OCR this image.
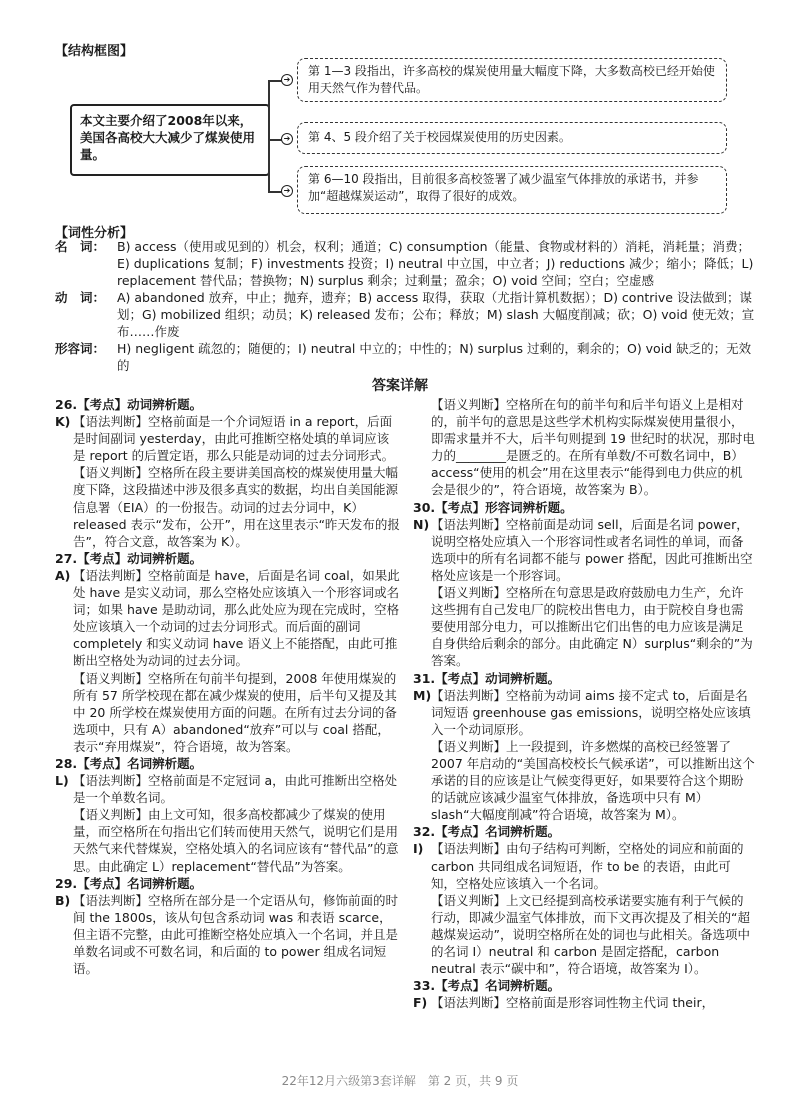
【结构框图】
本文主要介绍了2008年以来，美国各高校大大减少了煤炭使用量。
➔
➔
➔
第 1—3 段指出，许多高校的煤炭使用量大幅度下降，大多数高校已经开始使用天然气作为替代品。
第 4、5 段介绍了关于校园煤炭使用的历史因素。
第 6—10 段指出，目前很多高校签署了减少温室气体排放的承诺书，并参加“超越煤炭运动”，取得了很好的成效。
【词性分析】
名　词： B) access（使用或见到的）机会，权利；通道；C) consumption（能量、食物或材料的）消耗，消耗量；消费；E) duplications 复制；F) investments 投资；I) neutral 中立国，中立者；J) reductions 减少；缩小；降低；L) replacement 替代品；替换物；N) surplus 剩余；过剩量；盈余；O) void 空间；空白；空虚感
动　词： A) abandoned 放弃，中止；抛弃，遗弃；B) access 取得，获取（尤指计算机数据）；D) contrive 设法做到；谋划；G) mobilized 组织；动员；K) released 发布；公布；释放；M) slash 大幅度削减；砍；O) void 使无效；宣布……作废
形容词： H) negligent 疏忽的；随便的；I) neutral 中立的；中性的；N) surplus 过剩的，剩余的；O) void 缺乏的；无效的
答案详解

26.【考点】动词辨析题。

K) 【语法判断】空格前面是一个介词短语 in a report，后面是时间副词 yesterday，由此可推断空格处填的单词应该是 report 的后置定语，那么只能是动词的过去分词形式。

【语义判断】空格所在段主要讲美国高校的煤炭使用量大幅度下降，这段描述中涉及很多真实的数据，均出自美国能源信息署（EIA）的一份报告。动词的过去分词中，K）released 表示“发布，公开”，用在这里表示“昨天发布的报告”，符合文意，故答案为 K）。

27.【考点】动词辨析题。

A) 【语法判断】空格前面是 have，后面是名词 coal，如果此处 have 是实义动词，那么空格处应该填入一个形容词或名词；如果 have 是助动词，那么此处应为现在完成时，空格处应该填入一个动词的过去分词形式。而后面的副词 completely 和实义动词 have 语义上不能搭配，由此可推断出空格处为动词的过去分词。

【语义判断】空格所在句前半句提到，2008 年使用煤炭的所有 57 所学校现在都在减少煤炭的使用，后半句又提及其中 20 所学校在煤炭使用方面的问题。在所有过去分词的备选项中，只有 A）abandoned“放弃”可以与 coal 搭配，表示“弃用煤炭”，符合语境，故为答案。

28.【考点】名词辨析题。

L) 【语法判断】空格前面是不定冠词 a，由此可推断出空格处是一个单数名词。

【语义判断】由上文可知，很多高校都减少了煤炭的使用量，而空格所在句指出它们转而使用天然气，说明它们是用天然气来代替煤炭，空格处填入的名词应该有“替代品”的意思。由此确定 L）replacement“替代品”为答案。

29.【考点】名词辨析题。

B) 【语法判断】空格所在部分是一个定语从句，修饰前面的时间 the 1800s，该从句包含系动词 was 和表语 scarce，但主语不完整，由此可推断空格处应填入一个名词，并且是单数名词或不可数名词，和后面的 to power 组成名词短语。

【语义判断】空格所在句的前半句和后半句语义上是相对的，前半句的意思是这些学术机构实际煤炭使用量很小，即需求量并不大，后半句则提到 19 世纪时的状况，那时电力的________是匮乏的。在所有单数/不可数名词中，B）access“使用的机会”用在这里表示“能得到电力供应的机会是很少的”，符合语境，故答案为 B）。

30.【考点】形容词辨析题。

N) 【语法判断】空格前面是动词 sell，后面是名词 power，说明空格处应填入一个形容词性或者名词性的单词，而备选项中的所有名词都不能与 power 搭配，因此可推断出空格处应该是一个形容词。

【语义判断】空格所在句意思是政府鼓励电力生产，允许这些拥有自己发电厂的院校出售电力，由于院校自身也需要使用部分电力，可以推断出它们出售的电力应该是满足自身供给后剩余的部分。由此确定 N）surplus“剩余的”为答案。

31.【考点】动词辨析题。

M) 【语法判断】空格前为动词 aims 接不定式 to，后面是名词短语 greenhouse gas emissions，说明空格处应该填入一个动词原形。

【语义判断】上一段提到，许多燃煤的高校已经签署了 2007 年启动的“美国高校校长气候承诺”，可以推断出这个承诺的目的应该是让气候变得更好，如果要符合这个期盼的话就应该减少温室气体排放，备选项中只有 M）slash“大幅度削减”符合语境，故答案为 M）。

32.【考点】名词辨析题。

I) 【语法判断】由句子结构可判断，空格处的词应和前面的 carbon 共同组成名词短语，作 to be 的表语，由此可知，空格处应该填入一个名词。

【语义判断】上文已经提到高校承诺要实施有利于气候的行动，即减少温室气体排放，而下文再次提及了相关的“超越煤炭运动”，说明空格所在处的词也与此相关。备选项中的名词 I）neutral 和 carbon 是固定搭配，carbon neutral 表示“碳中和”，符合语境，故答案为 I）。

33.【考点】名词辨析题。

F) 【语法判断】空格前面是形容词性物主代词 their，
22年12月六级第3套详解　第 2 页，共 9 页
